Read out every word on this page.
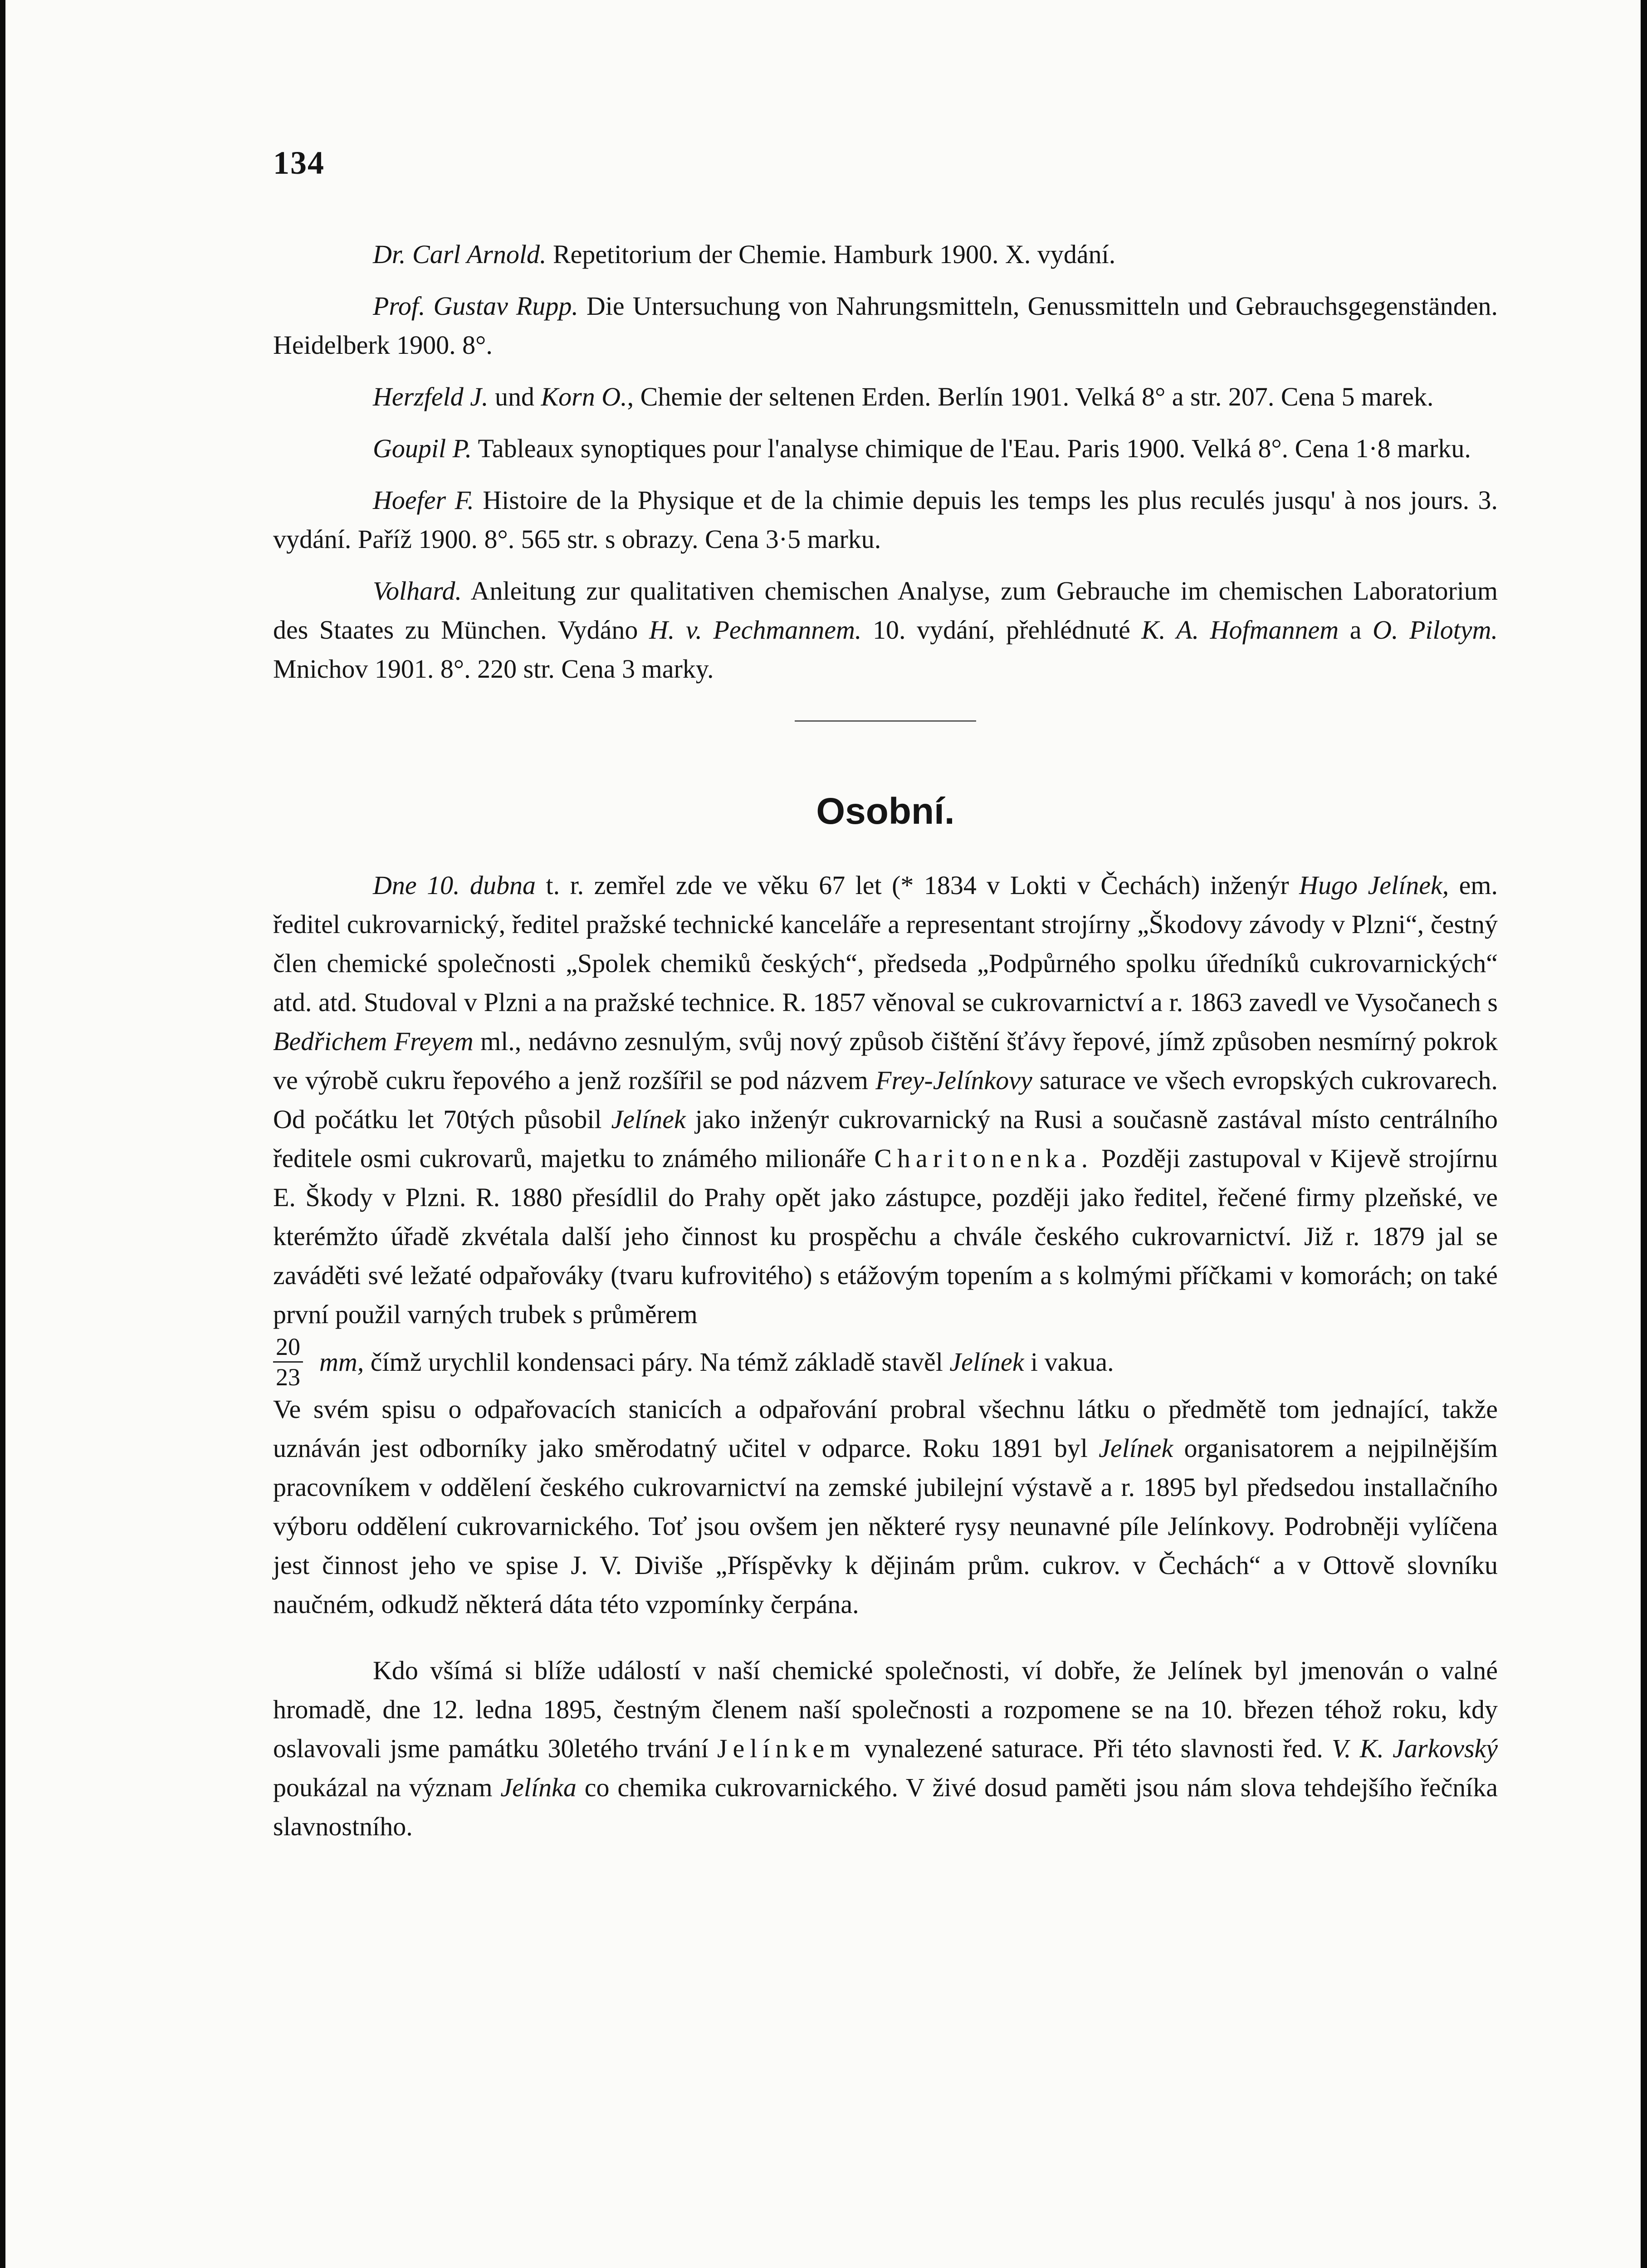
134

Dr. Carl Arnold. Repetitorium der Chemie. Hamburk 1900. X. vydání.

Prof. Gustav Rupp. Die Untersuchung von Nahrungsmitteln, Genussmitteln und Gebrauchsgegenständen. Heidelberk 1900. 8°.

Herzfeld J. und Korn O., Chemie der seltenen Erden. Berlín 1901. Velká 8° a str. 207. Cena 5 marek.

Goupil P. Tableaux synoptiques pour l'analyse chimique de l'Eau. Paris 1900. Velká 8°. Cena 1·8 marku.

Hoefer F. Histoire de la Physique et de la chimie depuis les temps les plus reculés jusqu' à nos jours. 3. vydání. Paříž 1900. 8°. 565 str. s obrazy. Cena 3·5 marku.

Volhard. Anleitung zur qualitativen chemischen Analyse, zum Gebrauche im chemischen Laboratorium des Staates zu München. Vydáno H. v. Pechmannem. 10. vydání, přehlédnuté K. A. Hofmannem a O. Pilotym. Mnichov 1901. 8°. 220 str. Cena 3 marky.

Osobní.

Dne 10. dubna t. r. zemřel zde ve věku 67 let (* 1834 v Lokti v Čechách) inženýr Hugo Jelínek, em. ředitel cukrovarnický, ředitel pražské technické kanceláře a representant strojírny „Škodovy závody v Plzni“, čestný člen chemické společnosti „Spolek chemiků českých“, předseda „Podpůrného spolku úředníků cukrovarnických“ atd. atd. Studoval v Plzni a na pražské technice. R. 1857 věnoval se cukrovarnictví a r. 1863 zavedl ve Vysočanech s Bedřichem Freyem ml., nedávno zesnulým, svůj nový způsob čištění šťávy řepové, jímž způsoben nesmírný pokrok ve výrobě cukru řepového a jenž rozšířil se pod názvem Frey-Jelínkovy saturace ve všech evropských cukrovarech. Od počátku let 70tých působil Jelínek jako inženýr cukrovarnický na Rusi a současně zastával místo centrálního ředitele osmi cukrovarů, majetku to známého milionáře Charitonenka. Později zastupoval v Kijevě strojírnu E. Škody v Plzni. R. 1880 přesídlil do Prahy opět jako zástupce, později jako ředitel, řečené firmy plzeňské, ve kterémžto úřadě zkvétala další jeho činnost ku prospěchu a chvále českého cukrovarnictví. Již r. 1879 jal se zaváděti své ležaté odpařováky (tvaru kufrovitého) s etážovým topením a s kolmými příčkami v komorách; on také první použil varných trubek s průměrem

$\frac{20}{23}$ mm, čímž urychlil kondensaci páry. Na témž základě stavěl Jelínek i vakua.

Ve svém spisu o odpařovacích stanicích a odpařování probral všechnu látku o předmětě tom jednající, takže uznáván jest odborníky jako směrodatný učitel v odparce. Roku 1891 byl Jelínek organisatorem a nejpilnějším pracovníkem v oddělení českého cukrovarnictví na zemské jubilejní výstavě a r. 1895 byl předsedou installačního výboru oddělení cukrovarnického. Toť jsou ovšem jen některé rysy neunavné píle Jelínkovy. Podrobněji vylíčena jest činnost jeho ve spise J. V. Diviše „Příspěvky k dějinám prům. cukrov. v Čechách“ a v Ottově slovníku naučném, odkudž některá dáta této vzpomínky čerpána.

Kdo všímá si blíže událostí v naší chemické společnosti, ví dobře, že Jelínek byl jmenován o valné hromadě, dne 12. ledna 1895, čestným členem naší společnosti a rozpomene se na 10. březen téhož roku, kdy oslavovali jsme památku 30letého trvání Jelínkem vynalezené saturace. Při této slavnosti řed. V. K. Jarkovský poukázal na význam Jelínka co chemika cukrovarnického. V živé dosud paměti jsou nám slova tehdejšího řečníka slavnostního.
